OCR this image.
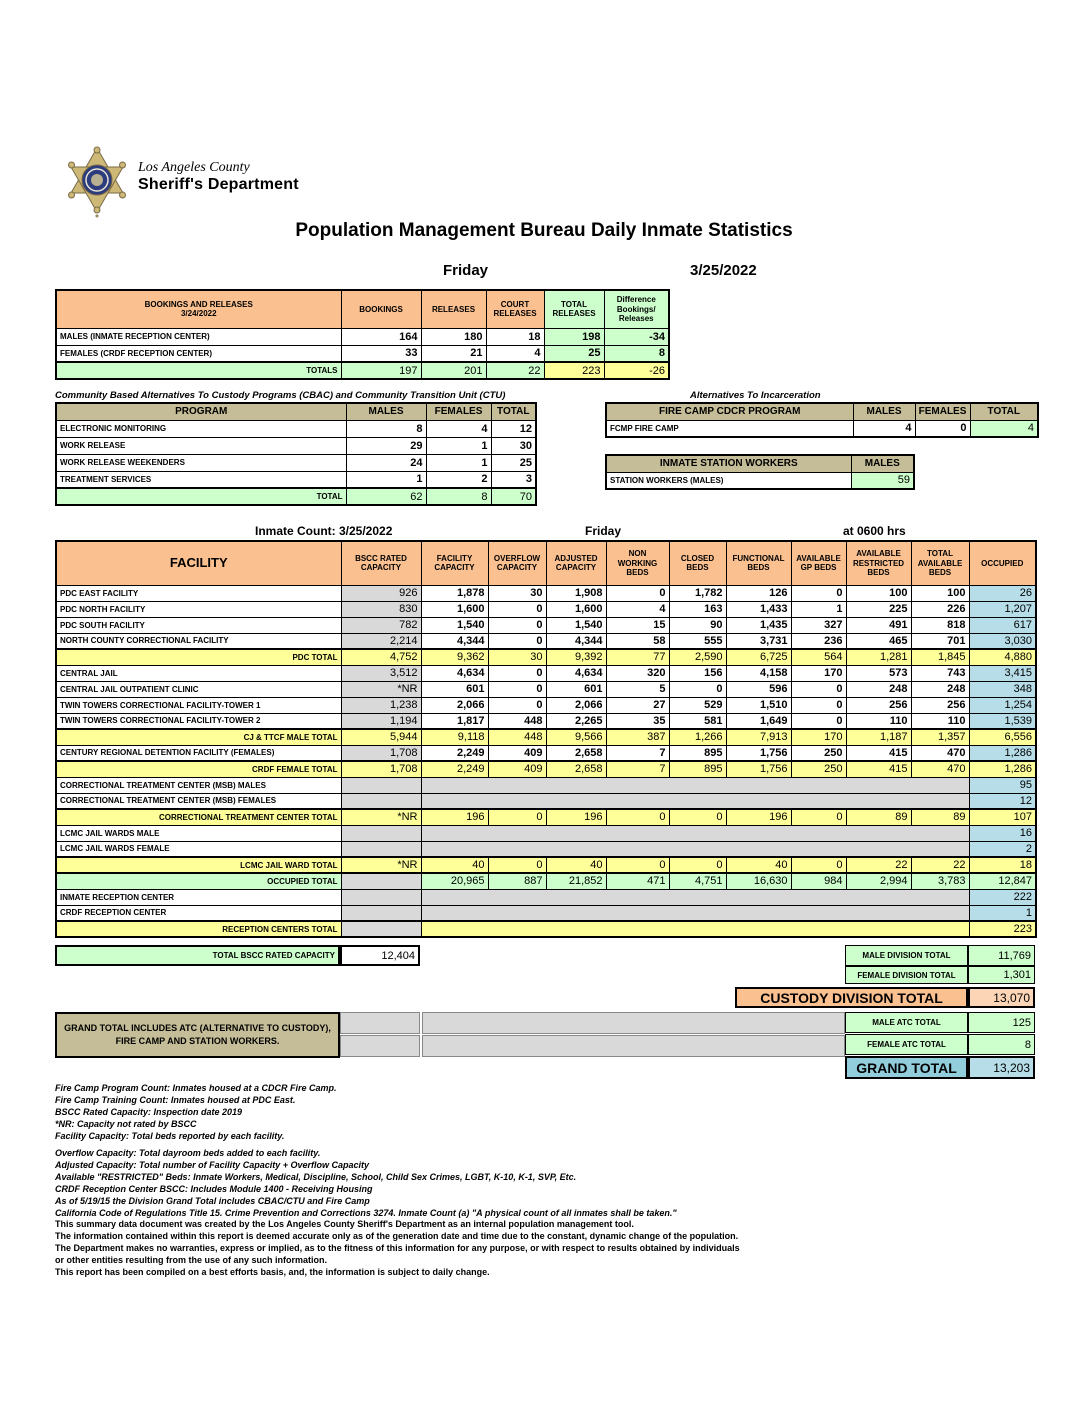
Los Angeles County
Sheriff's Department
Population Management Bureau Daily Inmate Statistics
Friday	3/25/2022
BOOKINGS AND RELEASES
3/24/2022	BOOKINGS	RELEASES	COURT RELEASES	TOTAL RELEASES	Difference Bookings/ Releases
MALES (INMATE RECEPTION CENTER)	164	180	18	198	-34
FEMALES (CRDF RECEPTION CENTER)	33	21	4	25	8
TOTALS	197	201	22	223	-26
Community Based Alternatives To Custody Programs (CBAC) and Community Transition Unit (CTU)
PROGRAM	MALES	FEMALES	TOTAL
ELECTRONIC MONITORING	8	4	12
WORK RELEASE	29	1	30
WORK RELEASE WEEKENDERS	24	1	25
TREATMENT SERVICES	1	2	3
TOTAL	62	8	70
Alternatives To Incarceration
FIRE CAMP CDCR PROGRAM	MALES	FEMALES	TOTAL
FCMP FIRE CAMP	4	0	4
INMATE STATION WORKERS	MALES
STATION WORKERS (MALES)	59
Inmate Count: 3/25/2022	Friday	at 0600 hrs
FACILITY	BSCC RATED CAPACITY	FACILITY CAPACITY	OVERFLOW CAPACITY	ADJUSTED CAPACITY	NON WORKING BEDS	CLOSED BEDS	FUNCTIONAL BEDS	AVAILABLE GP BEDS	AVAILABLE RESTRICTED BEDS	TOTAL AVAILABLE BEDS	OCCUPIED
PDC EAST FACILITY	926	1,878	30	1,908	0	1,782	126	0	100	100	26
PDC NORTH FACILITY	830	1,600	0	1,600	4	163	1,433	1	225	226	1,207
PDC SOUTH FACILITY	782	1,540	0	1,540	15	90	1,435	327	491	818	617
NORTH COUNTY CORRECTIONAL FACILITY	2,214	4,344	0	4,344	58	555	3,731	236	465	701	3,030
PDC TOTAL	4,752	9,362	30	9,392	77	2,590	6,725	564	1,281	1,845	4,880
CENTRAL JAIL	3,512	4,634	0	4,634	320	156	4,158	170	573	743	3,415
CENTRAL JAIL OUTPATIENT CLINIC	*NR	601	0	601	5	0	596	0	248	248	348
TWIN TOWERS CORRECTIONAL FACILITY-TOWER 1	1,238	2,066	0	2,066	27	529	1,510	0	256	256	1,254
TWIN TOWERS CORRECTIONAL FACILITY-TOWER 2	1,194	1,817	448	2,265	35	581	1,649	0	110	110	1,539
CJ & TTCF MALE TOTAL	5,944	9,118	448	9,566	387	1,266	7,913	170	1,187	1,357	6,556
CENTURY REGIONAL DETENTION FACILITY (FEMALES)	1,708	2,249	409	2,658	7	895	1,756	250	415	470	1,286
CRDF FEMALE TOTAL	1,708	2,249	409	2,658	7	895	1,756	250	415	470	1,286
CORRECTIONAL TREATMENT CENTER (MSB) MALES											95
CORRECTIONAL TREATMENT CENTER (MSB) FEMALES											12
CORRECTIONAL TREATMENT CENTER TOTAL	*NR	196	0	196	0	0	196	0	89	89	107
LCMC JAIL WARDS MALE											16
LCMC JAIL WARDS FEMALE											2
LCMC JAIL WARD TOTAL	*NR	40	0	40	0	0	40	0	22	22	18
OCCUPIED TOTAL		20,965	887	21,852	471	4,751	16,630	984	2,994	3,783	12,847
INMATE RECEPTION CENTER											222
CRDF RECEPTION CENTER											1
RECEPTION CENTERS TOTAL											223
TOTAL BSCC RATED CAPACITY	12,404	MALE DIVISION TOTAL	11,769
FEMALE DIVISION TOTAL	1,301
CUSTODY DIVISION TOTAL	13,070
GRAND TOTAL INCLUDES ATC (ALTERNATIVE TO CUSTODY), FIRE CAMP AND STATION WORKERS.
MALE ATC TOTAL	125
FEMALE ATC TOTAL	8
GRAND TOTAL	13,203
Fire Camp Program Count: Inmates housed at a CDCR Fire Camp.
Fire Camp Training Count: Inmates housed at PDC East.
BSCC Rated Capacity: Inspection date 2019
*NR: Capacity not rated by BSCC
Facility Capacity: Total beds reported by each facility.
Overflow Capacity: Total dayroom beds added to each facility.
Adjusted Capacity: Total number of Facility Capacity + Overflow Capacity
Available "RESTRICTED" Beds: Inmate Workers, Medical, Discipline, School, Child Sex Crimes, LGBT, K-10, K-1, SVP, Etc.
CRDF Reception Center BSCC: Includes Module 1400 - Receiving Housing
As of 5/19/15 the Division Grand Total includes CBAC/CTU and Fire Camp
California Code of Regulations Title 15. Crime Prevention and Corrections 3274. Inmate Count (a) "A physical count of all inmates shall be taken."
This summary data document was created by the Los Angeles County Sheriff's Department as an internal population management tool.
The information contained within this report is deemed accurate only as of the generation date and time due to the constant, dynamic change of the population.
The Department makes no warranties, express or implied, as to the fitness of this information for any purpose, or with respect to results obtained by individuals
or other entities resulting from the use of any such information.
This report has been compiled on a best efforts basis, and, the information is subject to daily change.
